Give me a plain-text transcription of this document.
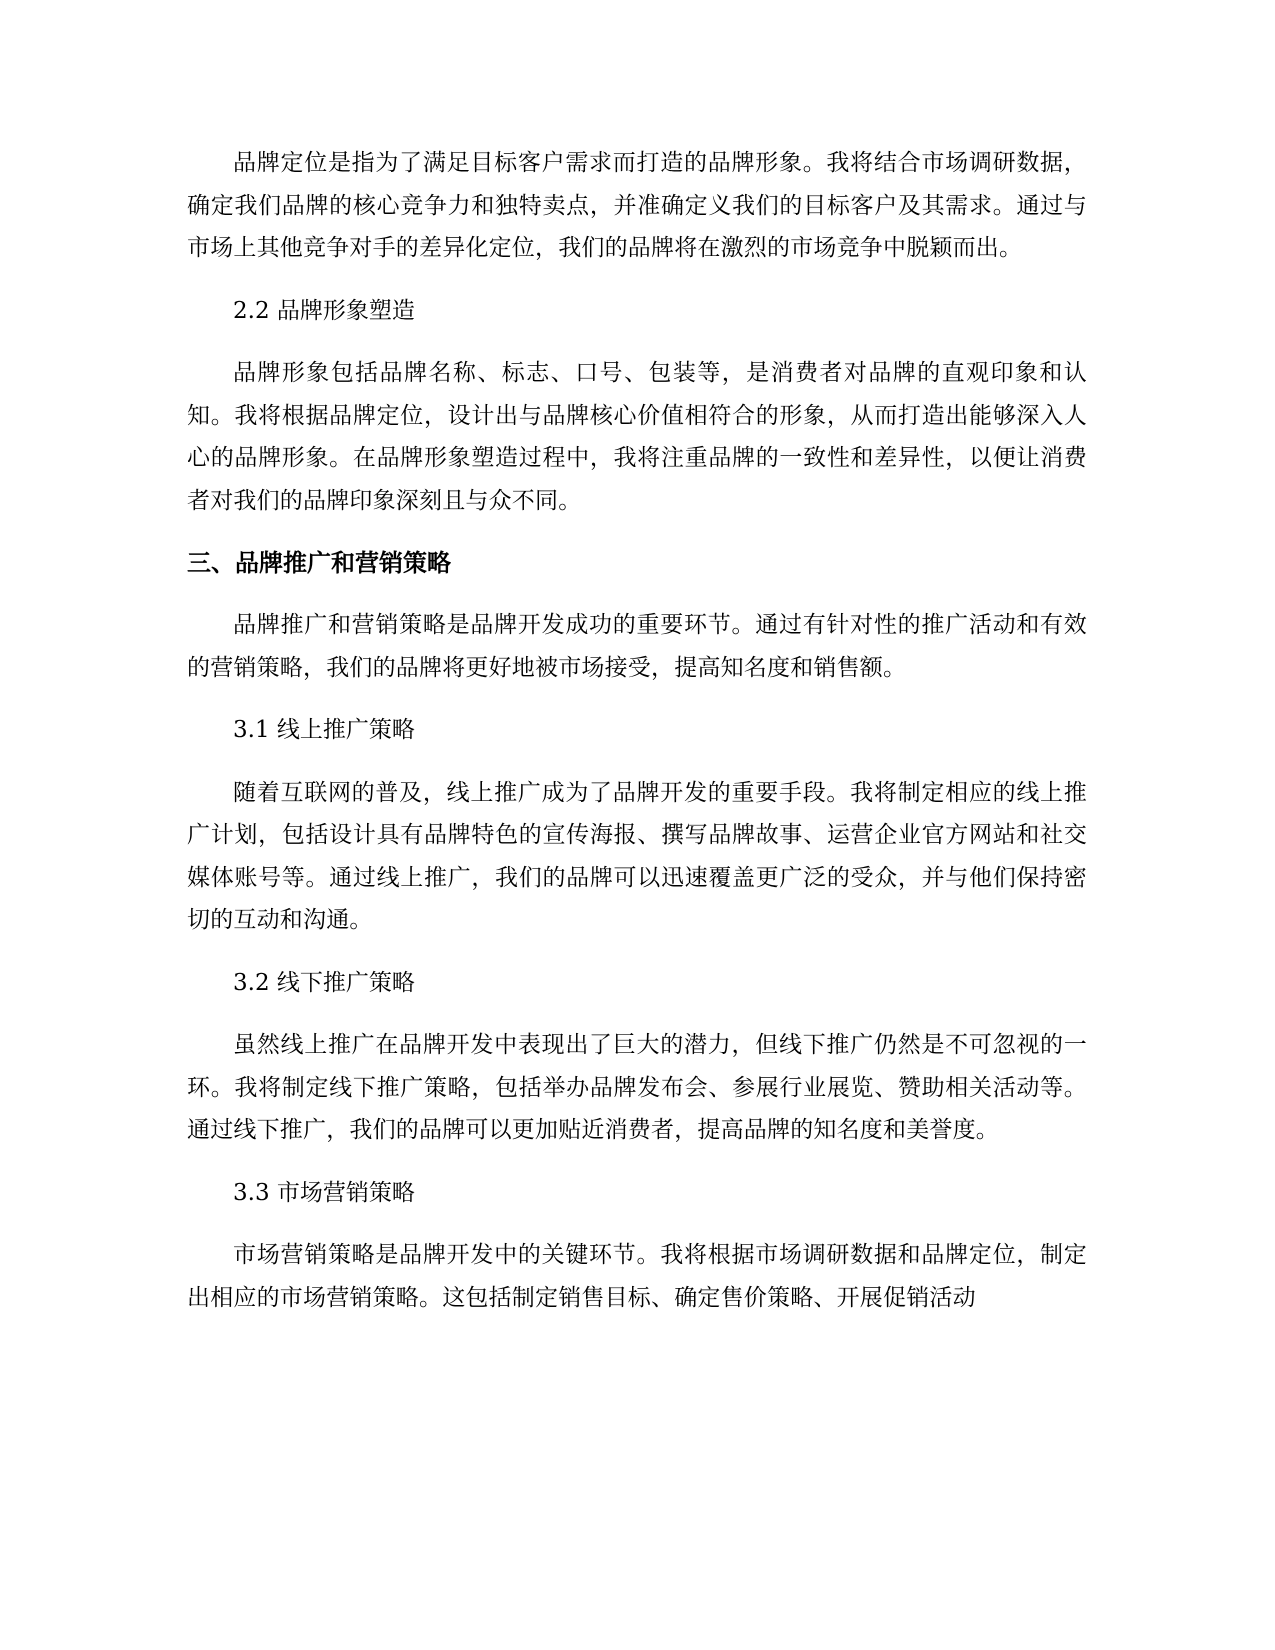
品牌定位是指为了满足目标客户需求而打造的品牌形象。我将结合市场调研数据，确定我们品牌的核心竞争力和独特卖点，并准确定义我们的目标客户及其需求。通过与市场上其他竞争对手的差异化定位，我们的品牌将在激烈的市场竞争中脱颖而出。

2.2 品牌形象塑造

品牌形象包括品牌名称、标志、口号、包装等，是消费者对品牌的直观印象和认知。我将根据品牌定位，设计出与品牌核心价值相符合的形象，从而打造出能够深入人心的品牌形象。在品牌形象塑造过程中，我将注重品牌的一致性和差异性，以便让消费者对我们的品牌印象深刻且与众不同。

三、品牌推广和营销策略

品牌推广和营销策略是品牌开发成功的重要环节。通过有针对性的推广活动和有效的营销策略，我们的品牌将更好地被市场接受，提高知名度和销售额。

3.1 线上推广策略

随着互联网的普及，线上推广成为了品牌开发的重要手段。我将制定相应的线上推广计划，包括设计具有品牌特色的宣传海报、撰写品牌故事、运营企业官方网站和社交媒体账号等。通过线上推广，我们的品牌可以迅速覆盖更广泛的受众，并与他们保持密切的互动和沟通。

3.2 线下推广策略

虽然线上推广在品牌开发中表现出了巨大的潜力，但线下推广仍然是不可忽视的一环。我将制定线下推广策略，包括举办品牌发布会、参展行业展览、赞助相关活动等。通过线下推广，我们的品牌可以更加贴近消费者，提高品牌的知名度和美誉度。

3.3 市场营销策略

市场营销策略是品牌开发中的关键环节。我将根据市场调研数据和品牌定位，制定出相应的市场营销策略。这包括制定销售目标、确定售价策略、开展促销活动
